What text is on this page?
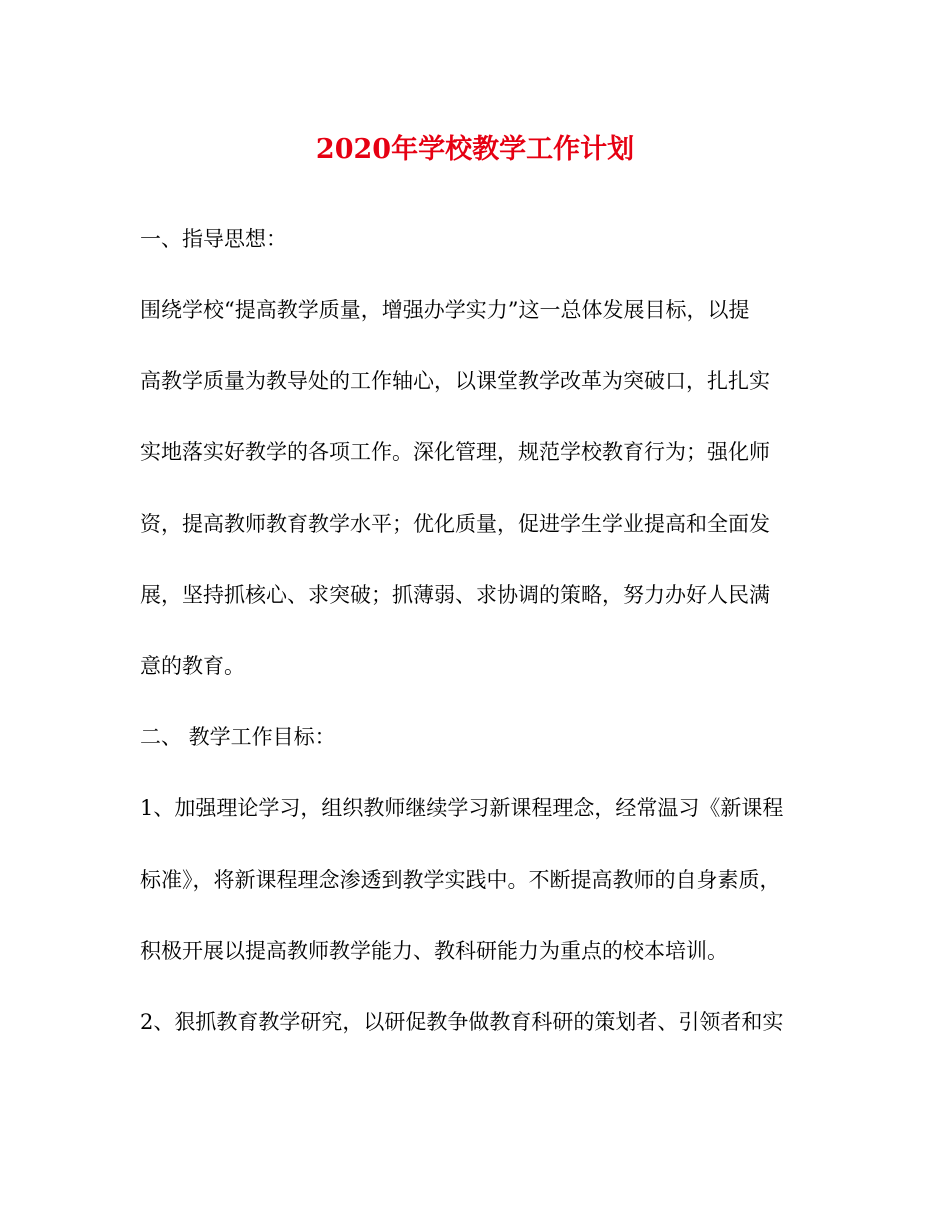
2020年学校教学工作计划
一、指导思想：
围绕学校“提高教学质量，增强办学实力”这一总体发展目标，以提
高教学质量为教导处的工作轴心，以课堂教学改革为突破口，扎扎实
实地落实好教学的各项工作。深化管理，规范学校教育行为；强化师
资，提高教师教育教学水平；优化质量，促进学生学业提高和全面发
展，坚持抓核心、求突破；抓薄弱、求协调的策略，努力办好人民满
意的教育。
二、 教学工作目标：
1、加强理论学习，组织教师继续学习新课程理念，经常温习《新课程
标准》，将新课程理念渗透到教学实践中。不断提高教师的自身素质，
积极开展以提高教师教学能力、教科研能力为重点的校本培训。
2、狠抓教育教学研究，以研促教争做教育科研的策划者、引领者和实
